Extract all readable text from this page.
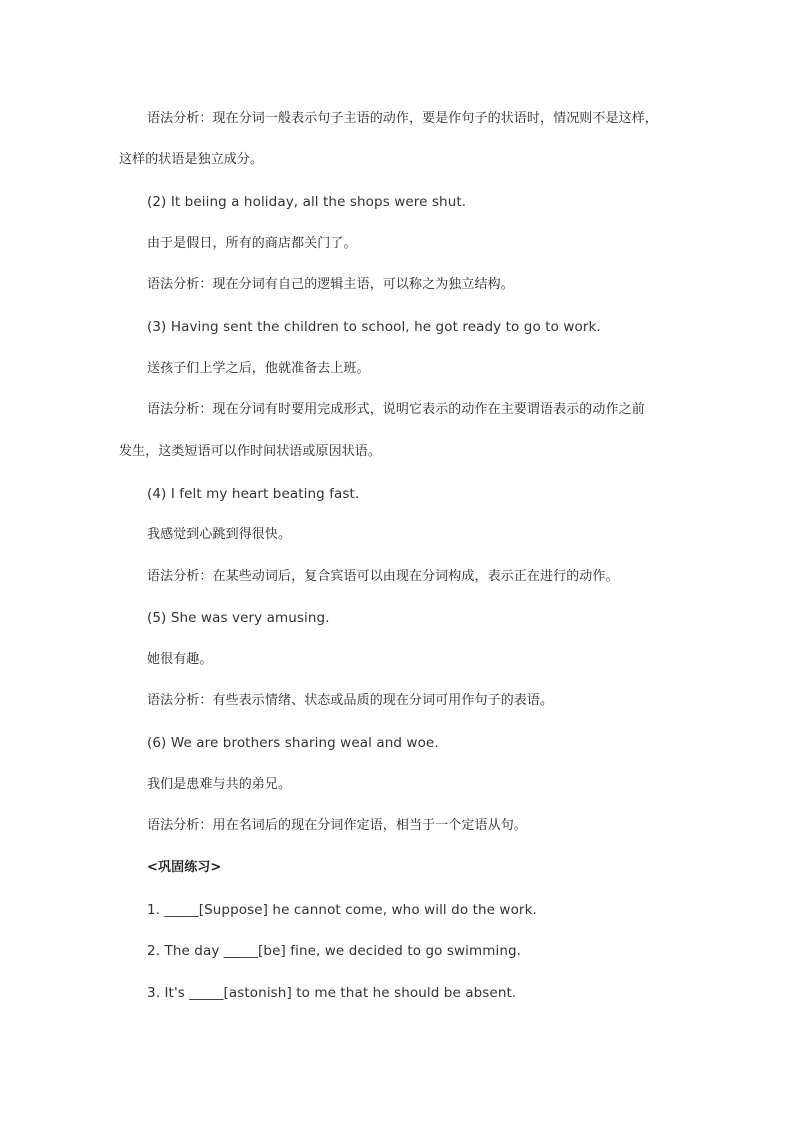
语法分析：现在分词一般表示句子主语的动作，要是作句子的状语时，情况则不是这样，
这样的状语是独立成分。
(2) It beiing a holiday, all the shops were shut.
由于是假日，所有的商店都关门了。
语法分析：现在分词有自己的逻辑主语，可以称之为独立结构。
(3) Having sent the children to school, he got ready to go to work.
送孩子们上学之后，他就准备去上班。
语法分析：现在分词有时要用完成形式，说明它表示的动作在主要谓语表示的动作之前
发生，这类短语可以作时间状语或原因状语。
(4) I felt my heart beating fast.
我感觉到心跳到得很快。
语法分析：在某些动词后，复合宾语可以由现在分词构成，表示正在进行的动作。
(5) She was very amusing.
她很有趣。
语法分析：有些表示情绪、状态或品质的现在分词可用作句子的表语。
(6) We are brothers sharing weal and woe.
我们是患难与共的弟兄。
语法分析：用在名词后的现在分词作定语，相当于一个定语从句。
<巩固练习>
1. _____[Suppose] he cannot come, who will do the work.
2. The day _____[be] fine, we decided to go swimming.
3. It's _____[astonish] to me that he should be absent.
